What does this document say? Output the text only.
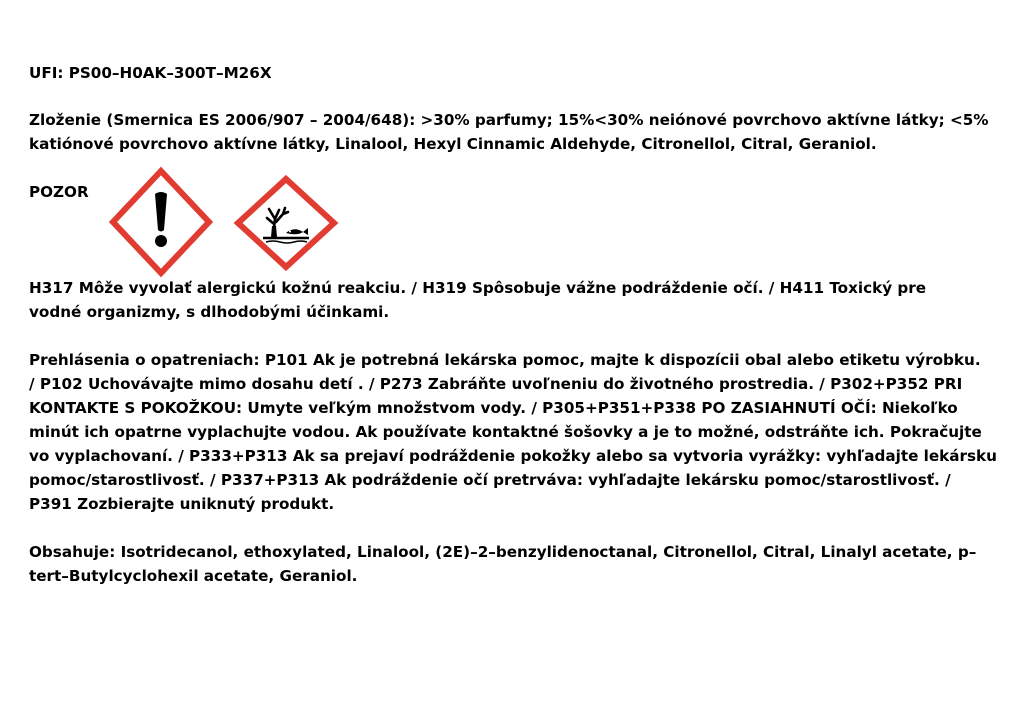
UFI: PS00–H0AK–300T–M26X

Zloženie (Smernica ES 2006/907 – 2004/648): >30% parfumy; 15%<30% neiónové povrchovo aktívne látky; <5%
katiónové povrchovo aktívne látky, Linalool, Hexyl Cinnamic Aldehyde, Citronellol, Citral, Geraniol.

POZOR

H317 Môže vyvolať alergickú kožnú reakciu. / H319 Spôsobuje vážne podráždenie očí. / H411 Toxický pre
vodné organizmy, s dlhodobými účinkami.

Prehlásenia o opatreniach: P101 Ak je potrebná lekárska pomoc, majte k dispozícii obal alebo etiketu výrobku.
/ P102 Uchovávajte mimo dosahu detí . / P273 Zabráňte uvoľneniu do životného prostredia. / P302+P352 PRI
KONTAKTE S POKOŽKOU: Umyte veľkým množstvom vody. / P305+P351+P338 PO ZASIAHNUTÍ OČÍ: Niekoľko
minút ich opatrne vyplachujte vodou. Ak používate kontaktné šošovky a je to možné, odstráňte ich. Pokračujte
vo vyplachovaní. / P333+P313 Ak sa prejaví podráždenie pokožky alebo sa vytvoria vyrážky: vyhľadajte lekársku
pomoc/starostlivosť. / P337+P313 Ak podráždenie očí pretrváva: vyhľadajte lekársku pomoc/starostlivosť. /
P391 Zozbierajte uniknutý produkt.

Obsahuje: Isotridecanol, ethoxylated, Linalool, (2E)–2–benzylidenoctanal, Citronellol, Citral, Linalyl acetate, p–
tert–Butylcyclohexil acetate, Geraniol.
